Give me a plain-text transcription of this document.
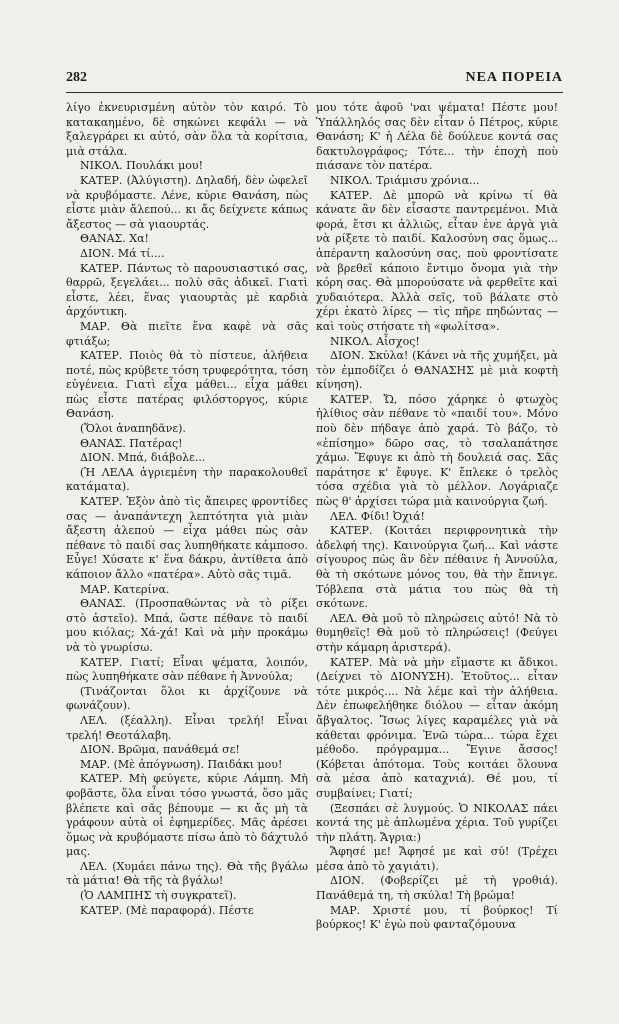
282	ΝΕΑ ΠΟΡΕΙΑ

λίγο ἐκνευρισμένη αὐτὸν τὸν καιρό. Τὸ κατακαημένο, δὲ σηκώνει κεφάλι — νὰ ξαλεγράρει κι αὐτό, σὰν ὅλα τὰ κορίτσια, μιὰ στάλα.

ΝΙΚΟΛ. Πουλάκι μου!

ΚΑΤΕΡ. (Ἀλύγιστη). Δηλαδή, δὲν ὠφελεῖ νὰ κρυβόμαστε. Λένε, κύριε Θανάση, πὼς εἶστε μιὰν ἄλεπού... κι ἄς δείχνετε κάπως ἄξεστος — σὰ γιαουρτάς.

ΘΑΝΑΣ. Χα!

ΔΙΟΝ. Μά τί....

ΚΑΤΕΡ. Πάντως τὸ παρουσιαστικό σας, θαρρῶ, ξεγελάει... πολὺ σᾶς ἀδικεῖ. Γιατὶ εἶστε, λέει, ἕνας γιαουρτὰς μὲ καρδιὰ ἀρχόντικη.

ΜΑΡ. Θὰ πιεῖτε ἕνα καφὲ νὰ σᾶς φτιάξω;

ΚΑΤΕΡ. Ποιὸς θὰ τὸ πίστευε, ἀλήθεια ποτέ, πὼς κρύβετε τόση τρυφερότητα, τόση εὐγένεια. Γιατὶ εἶχα μάθει... εἶχα μάθει πὼς εἶστε πατέρας φιλόστοργος, κύριε Θανάση.

(Ὅλοι ἀναπηδᾶνε).

ΘΑΝΑΣ. Πατέρας!

ΔΙΟΝ. Μπά, διάβολε...

(Ἡ ΛΕΛΑ ἀγριεμένη τὴν παρακολουθεῖ κατάματα).

ΚΑΤΕΡ. Ἐξὸν ἀπὸ τὶς ἄπειρες φροντίδες σας — ἀναπάντεχη λεπτότητα γιὰ μιὰν ἄξεστη ἀλεπού — εἶχα μάθει πὼς σὰν πέθανε τὸ παιδί σας λυπηθήκατε κάμποσο. Εὖγε! Χύσατε κ' ἕνα δάκρυ, ἀντίθετα ἀπὸ κάποιον ἄλλο «πατέρα». Αὐτὸ σᾶς τιμᾶ.

ΜΑΡ. Κατερίνα.

ΘΑΝΑΣ. (Προσπαθώντας νὰ τὸ ρίξει στὸ ἀστεῖο). Μπά, ὥστε πέθανε τὸ παιδί μου κιόλας; Χά-χά! Καὶ νὰ μὴν προκάμω νὰ τὸ γνωρίσω.

ΚΑΤΕΡ. Γιατί; Εἶναι ψέματα, λοιπόν, πὼς λυπηθήκατε σὰν πέθανε ἡ Ἀννούλα;

(Τινάζονται ὅλοι κι ἀρχίζουνε νὰ φωνάζουν).

ΛΕΛ. (ξέαλλη). Εἶναι τρελή! Εἶναι τρελή! Θεοτάλαβη.

ΔΙΟΝ. Βρῶμα, πανάθεμά σε!

ΜΑΡ. (Μὲ ἀπόγνωση). Παιδάκι μου!

ΚΑΤΕΡ. Μὴ φεύγετε, κύριε Λάμπη. Μὴ φοβᾶστε, ὅλα εἶναι τόσο γνωστά, ὅσο μᾶς βλέπετε καὶ σᾶς βέπουμε — κι ἄς μὴ τὰ γράφουν αὐτὰ οἱ ἐφημερίδες. Μᾶς ἀρέσει ὅμως νὰ κρυβόμαστε πίσω ἀπὸ τὸ δάχτυλό μας.

ΛΕΛ. (Χυμάει πάνω της). Θὰ τῆς βγάλω τὰ μάτια! Θὰ τῆς τὰ βγάλω!

(Ὁ ΛΑΜΠΗΣ τὴ συγκρατεῖ).

ΚΑΤΕΡ. (Μὲ παραφορά). Πέστε

μου τότε ἀφοῦ 'ναι ψέματα! Πέστε μου! Ὑπάλληλός σας δὲν εἶταν ὁ Πέτρος, κύριε Θανάση; Κ' ἡ Λέλα δὲ δούλευε κοντά σας δακτυλογράφος; Τότε... τὴν ἐποχὴ ποὺ πιάσανε τὸν πατέρα.

ΝΙΚΟΛ. Τριάμισυ χρόνια...

ΚΑΤΕΡ. Δὲ μπορῶ νὰ κρίνω τί θὰ κάνατε ἂν δὲν εἶσαστε παντρεμένοι. Μιὰ φορά, ἔτσι κι ἀλλιῶς, εἶταν ἐνε ἀργὰ γιὰ νὰ ρίξετε τὸ παιδί. Καλοσύνη σας ὅμως... ἀπέραντη καλοσύνη σας, ποὺ φροντίσατε νὰ βρεθεῖ κάποιο ἔντιμο ὄνομα γιὰ τὴν κόρη σας. Θὰ μπορούσατε νὰ φερθεῖτε καὶ χυδαιότερα. Ἀλλὰ σεῖς, τοῦ βάλατε στὸ χέρι ἑκατὸ λίρες — τὶς πῆρε πηδώντας — καὶ τοὺς στήσατε τὴ «φωλίτσα».

ΝΙΚΟΛ. Αἶσχος!

ΔΙΟΝ. Σκύλα! (Κάνει νὰ τῆς χυμήξει, μὰ τὸν ἐμποδίζει ὁ ΘΑΝΑΣΗΣ μὲ μιὰ κοφτὴ κίνηση).

ΚΑΤΕΡ. Ὤ, πόσο χάρηκε ὁ φτωχὸς ἠλίθιος σὰν πέθανε τὸ «παιδί του». Μόνο ποὺ δὲν πήδαγε ἀπὸ χαρά. Τὸ βάζο, τὸ «ἐπίσημο» δῶρο σας, τὸ τσαλαπάτησε χάμω. Ἔφυγε κι ἀπὸ τὴ δουλειά σας. Σᾶς παράτησε κ' ἔφυγε. Κ' ἔπλεκε ὁ τρελὸς τόσα σχέδια γιὰ τὸ μέλλον. Λογάριαζε πὼς θ' ἀρχίσει τώρα μιὰ καινούργια ζωή.

ΛΕΛ. Φίδι! Ὀχιά!

ΚΑΤΕΡ. (Κοιτάει περιφρονητικὰ τὴν ἀδελφή της). Καινούργια ζωή... Καὶ νάστε σίγουρος πὼς ἂν δὲν πέθαινε ἡ Ἀννούλα, θὰ τὴ σκότωνε μόνος του, θὰ τὴν ἔπνιγε. Τόβλεπα στὰ μάτια του πὼς θὰ τὴ σκότωνε.

ΛΕΛ. Θὰ μοῦ τὸ πληρώσεις αὐτό! Νὰ τὸ θυμηθεῖς! Θὰ μοῦ τὸ πληρώσεις! (Φεύγει στὴν κάμαρη ἀριστερά).

ΚΑΤΕΡ. Μὰ νὰ μὴν εἴμαστε κι ἄδικοι. (Δείχνει τὸ ΔΙΟΝΥΣΗ). Ἐτοῦτος... εἶταν τότε μικρός.... Νὰ λέμε καὶ τὴν ἀλήθεια. Δὲν ἐπωφελήθηκε διόλου — εἶταν ἀκόμη ἄβγαλτος. Ἴσως λίγες καραμέλες γιὰ νὰ κάθεται φρόνιμα. Ἐνῶ τώρα... τώρα ἔχει μέθοδο. πρόγραμμα... Ἔγινε ἄσσος! (Κόβεται ἀπότομα. Τοὺς κοιτάει ὅλουνα σὰ μέσα ἀπὸ καταχνιά). Θέ μου, τί συμβαίνει; Γιατί;

(Ξεσπάει σὲ λυγμούς. Ὁ ΝΙΚΟΛΑΣ πάει κοντά της μὲ ἁπλωμένα χέρια. Τοῦ γυρίζει τὴν πλάτη. Ἄγρια:)

Ἄφησέ με! Ἄφησέ με καὶ σύ! (Τρέχει μέσα ἀπὸ τὸ χαγιάτι).

ΔΙΟΝ. (Φοβερίζει μὲ τὴ γροθιά). Πανάθεμά τη, τὴ σκύλα! Τὴ βρώμα!

ΜΑΡ. Χριστέ μου, τί βούρκος! Τί βούρκος! Κ' ἐγὼ ποὺ φανταζόμουνα
